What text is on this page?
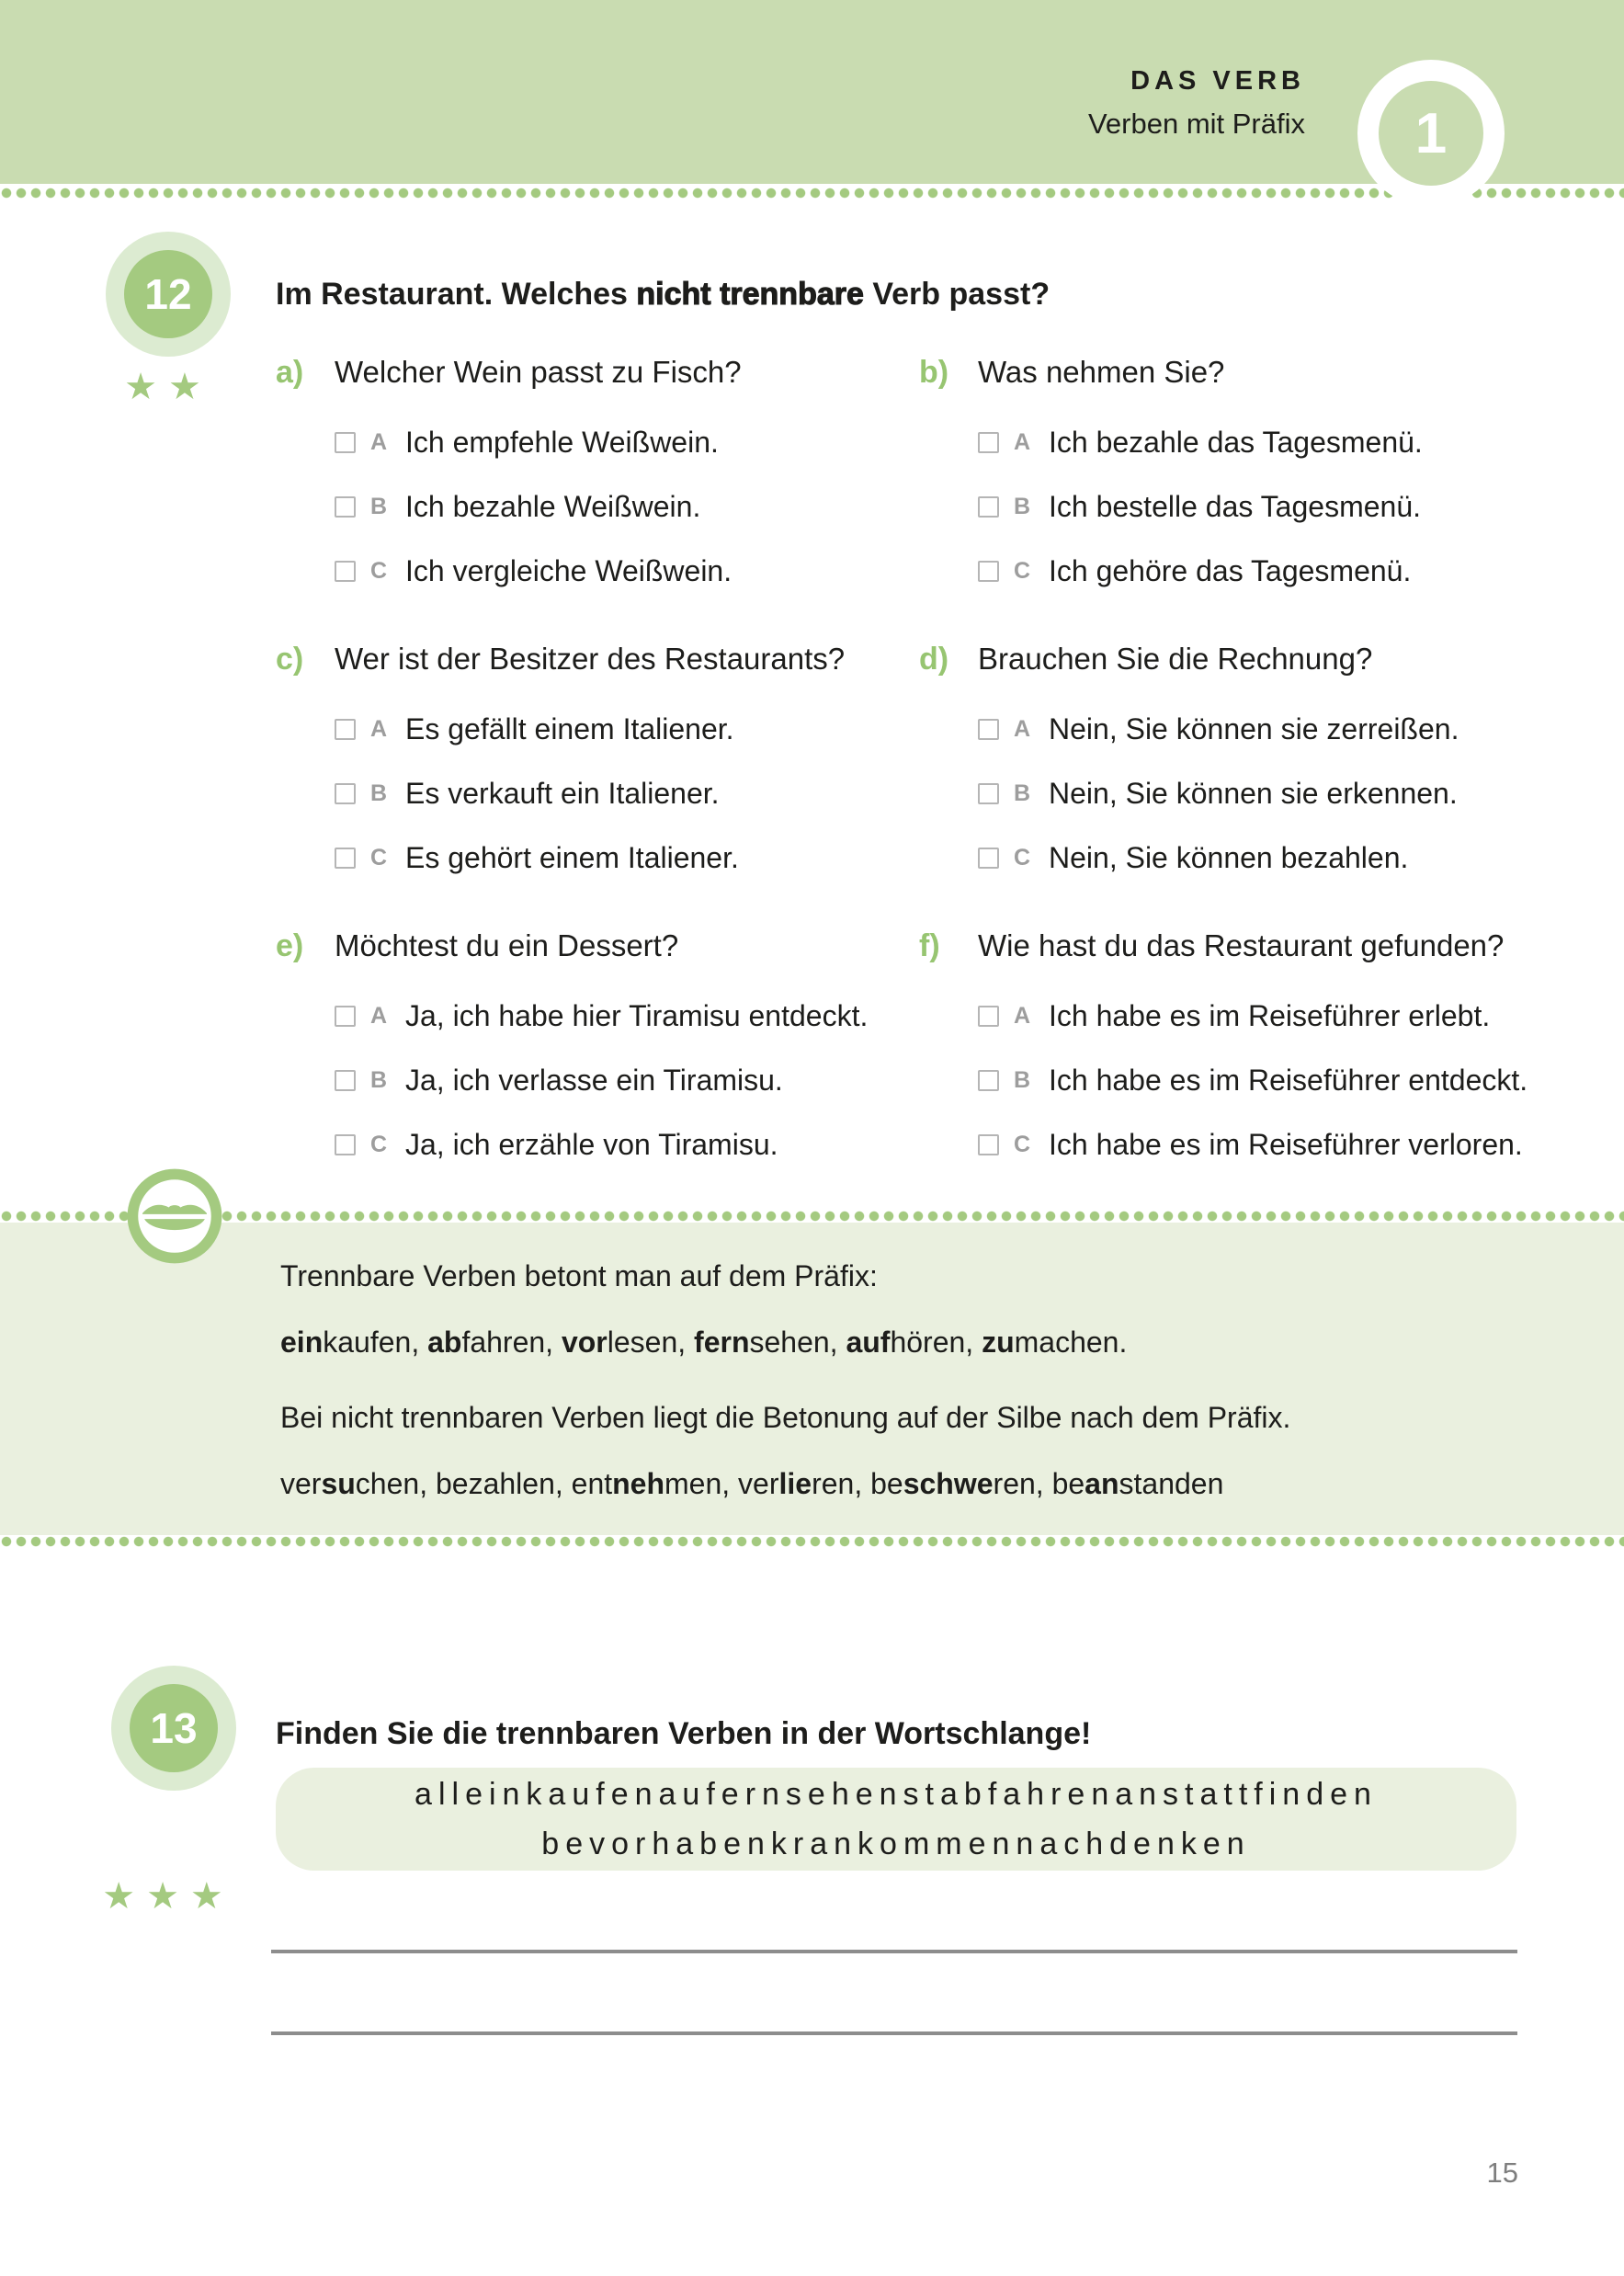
DAS VERB
Verben mit Präfix	1
12
★★
Im Restaurant. Welches nicht trennbare Verb passt?
a)	Welcher Wein passt zu Fisch?
A Ich empfehle Weißwein.
B Ich bezahle Weißwein.
C Ich vergleiche Weißwein.
b) Was nehmen Sie?
A Ich bezahle das Tagesmenü.
B Ich bestelle das Tagesmenü.
C Ich gehöre das Tagesmenü.
c)	Wer ist der Besitzer des Restaurants?
A Es gefällt einem Italiener.
B Es verkauft ein Italiener.
C Es gehört einem Italiener.
d) Brauchen Sie die Rechnung?
A Nein, Sie können sie zerreißen.
B Nein, Sie können sie erkennen.
C Nein, Sie können bezahlen.
e)	Möchtest du ein Dessert?
A Ja, ich habe hier Tiramisu entdeckt.
B Ja, ich verlasse ein Tiramisu.
C Ja, ich erzähle von Tiramisu.
f)	Wie hast du das Restaurant gefunden?
A Ich habe es im Reiseführer erlebt.
B Ich habe es im Reiseführer entdeckt.
C Ich habe es im Reiseführer verloren.
Trennbare Verben betont man auf dem Präfix:
einkaufen, abfahren, vorlesen, fernsehen, aufhören, zumachen.
Bei nicht trennbaren Verben liegt die Betonung auf der Silbe nach dem Präfix.
versuchen, bezahlen, entnehmen, verlieren, beschweren, beanstanden
13
★★★
Finden Sie die trennbaren Verben in der Wortschlange!
alleinkaufenaufernsehenstabfahrenanstattfinden
bevorhabenkrankommennachdenken
15
